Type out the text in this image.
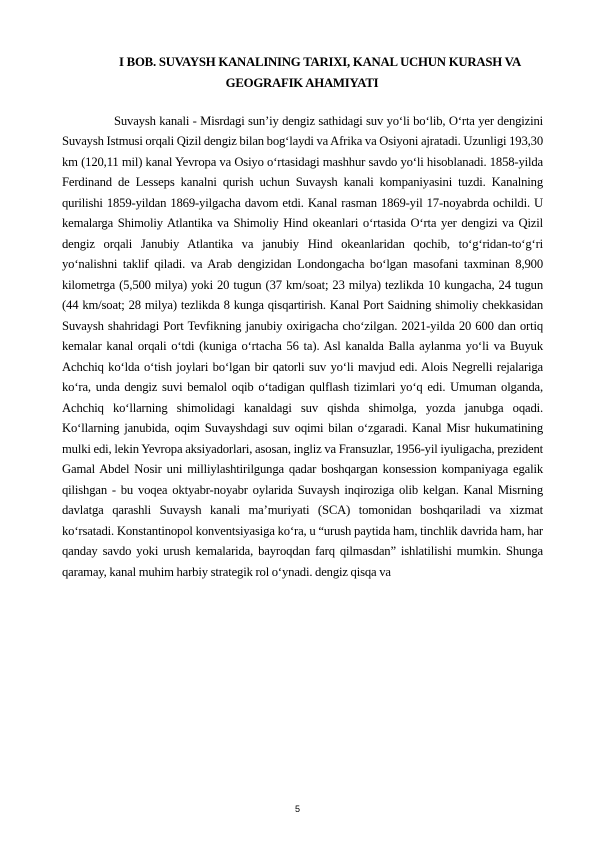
I BOB. SUVAYSH KANALINING TARIXI, KANAL UCHUN KURASH VA GEOGRAFIK AHAMIYATI

Suvaysh kanali - Misrdagi sun’iy dengiz sathidagi suv yo‘li bo‘lib, O‘rta yer dengizini Suvaysh Istmusi orqali Qizil dengiz bilan bog‘laydi va Afrika va Osiyoni ajratadi. Uzunligi 193,30 km (120,11 mil) kanal Yevropa va Osiyo o‘rtasidagi mashhur savdo yo‘li hisoblanadi. 1858-yilda Ferdinand de Lesseps kanalni qurish uchun Suvaysh kanali kompaniyasini tuzdi. Kanalning qurilishi 1859-yildan 1869-yilgacha davom etdi. Kanal rasman 1869-yil 17-noyabrda ochildi. U kemalarga Shimoliy Atlantika va Shimoliy Hind okeanlari o‘rtasida O‘rta yer dengizi va Qizil dengiz orqali Janubiy Atlantika va janubiy Hind okeanlaridan qochib, to‘g‘ridan-to‘g‘ri yo‘nalishni taklif qiladi. va Arab dengizidan Londongacha bo‘lgan masofani taxminan 8,900 kilometrga (5,500 milya) yoki 20 tugun (37 km/soat; 23 milya) tezlikda 10 kungacha, 24 tugun (44 km/soat; 28 milya) tezlikda 8 kunga qisqartirish. Kanal Port Saidning shimoliy chekkasidan Suvaysh shahridagi Port Tevfikning janubiy oxirigacha cho‘zilgan. 2021-yilda 20 600 dan ortiq kemalar kanal orqali o‘tdi (kuniga o‘rtacha 56 ta). Asl kanalda Balla aylanma yo‘li va Buyuk Achchiq ko‘lda o‘tish joylari bo‘lgan bir qatorli suv yo‘li mavjud edi. Alois Negrelli rejalariga ko‘ra, unda dengiz suvi bemalol oqib o‘tadigan qulflash tizimlari yo‘q edi. Umuman olganda, Achchiq ko‘llarning shimolidagi kanaldagi suv qishda shimolga, yozda janubga oqadi. Ko‘llarning janubida, oqim Suvayshdagi suv oqimi bilan o‘zgaradi. Kanal Misr hukumatining mulki edi, lekin Yevropa aksiyadorlari, asosan, ingliz va Fransuzlar, 1956-yil iyuligacha, prezident Gamal Abdel Nosir uni milliylashtirilgunga qadar boshqargan konsession kompaniyaga egalik qilishgan - bu voqea oktyabr-noyabr oylarida Suvaysh inqiroziga olib kelgan. Kanal Misrning davlatga qarashli Suvaysh kanali ma’muriyati (SCA) tomonidan boshqariladi va xizmat ko‘rsatadi. Konstantinopol konventsiyasiga ko‘ra, u “urush paytida ham, tinchlik davrida ham, har qanday savdo yoki urush kemalarida, bayroqdan farq qilmasdan” ishlatilishi mumkin. Shunga qaramay, kanal muhim harbiy strategik rol o‘ynadi. dengiz qisqa va

5
